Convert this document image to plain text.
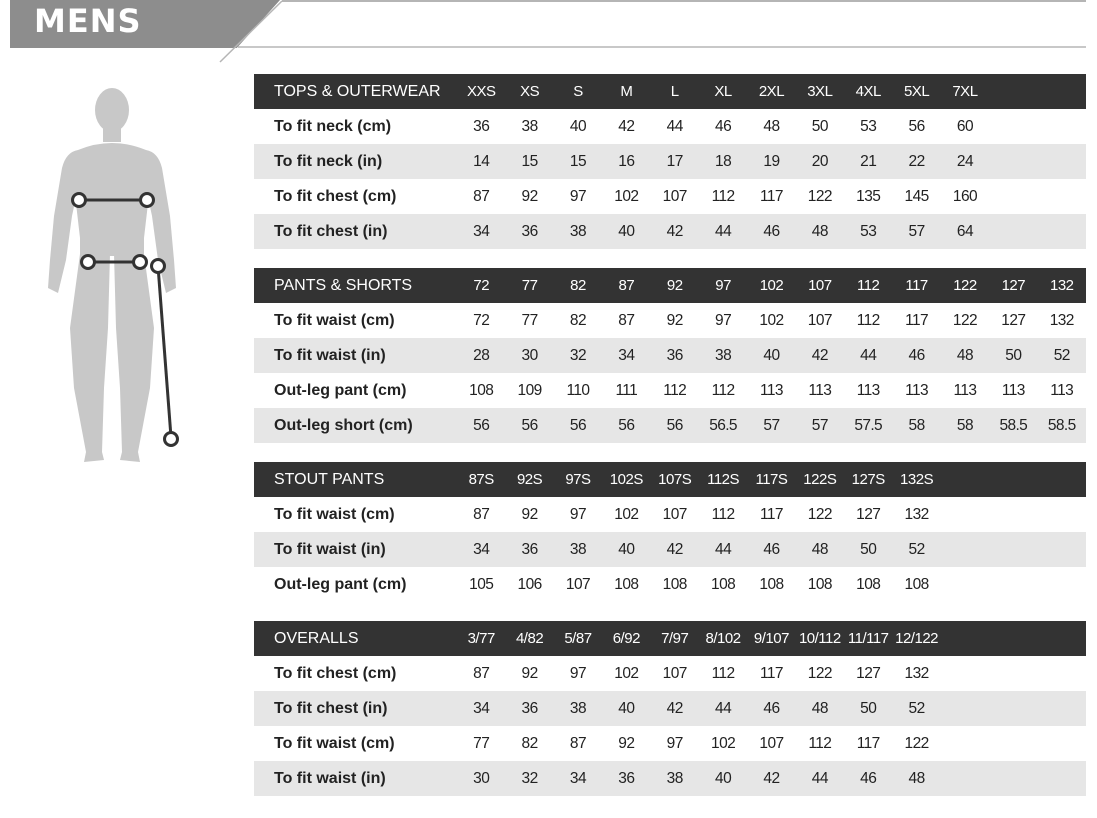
MENS
TOPS & OUTERWEAR	XXS	XS	S	M	L	XL	2XL	3XL	4XL	5XL	7XL		
To fit neck (cm)	36	38	40	42	44	46	48	50	53	56	60		
To fit neck (in)	14	15	15	16	17	18	19	20	21	22	24		
To fit chest (cm)	87	92	97	102	107	112	117	122	135	145	160		
To fit chest (in)	34	36	38	40	42	44	46	48	53	57	64		
PANTS & SHORTS	72	77	82	87	92	97	102	107	112	117	122	127	132
To fit waist (cm)	72	77	82	87	92	97	102	107	112	117	122	127	132
To fit waist (in)	28	30	32	34	36	38	40	42	44	46	48	50	52
Out-leg pant (cm)	108	109	110	111	112	112	113	113	113	113	113	113	113
Out-leg short (cm)	56	56	56	56	56	56.5	57	57	57.5	58	58	58.5	58.5
STOUT PANTS	87S	92S	97S	102S	107S	112S	117S	122S	127S	132S			
To fit waist (cm)	87	92	97	102	107	112	117	122	127	132			
To fit waist (in)	34	36	38	40	42	44	46	48	50	52			
Out-leg pant (cm)	105	106	107	108	108	108	108	108	108	108			
OVERALLS	3/77	4/82	5/87	6/92	7/97	8/102	9/107	10/112	11/117	12/122			
To fit chest (cm)	87	92	97	102	107	112	117	122	127	132			
To fit chest (in)	34	36	38	40	42	44	46	48	50	52			
To fit waist (cm)	77	82	87	92	97	102	107	112	117	122			
To fit waist (in)	30	32	34	36	38	40	42	44	46	48			
